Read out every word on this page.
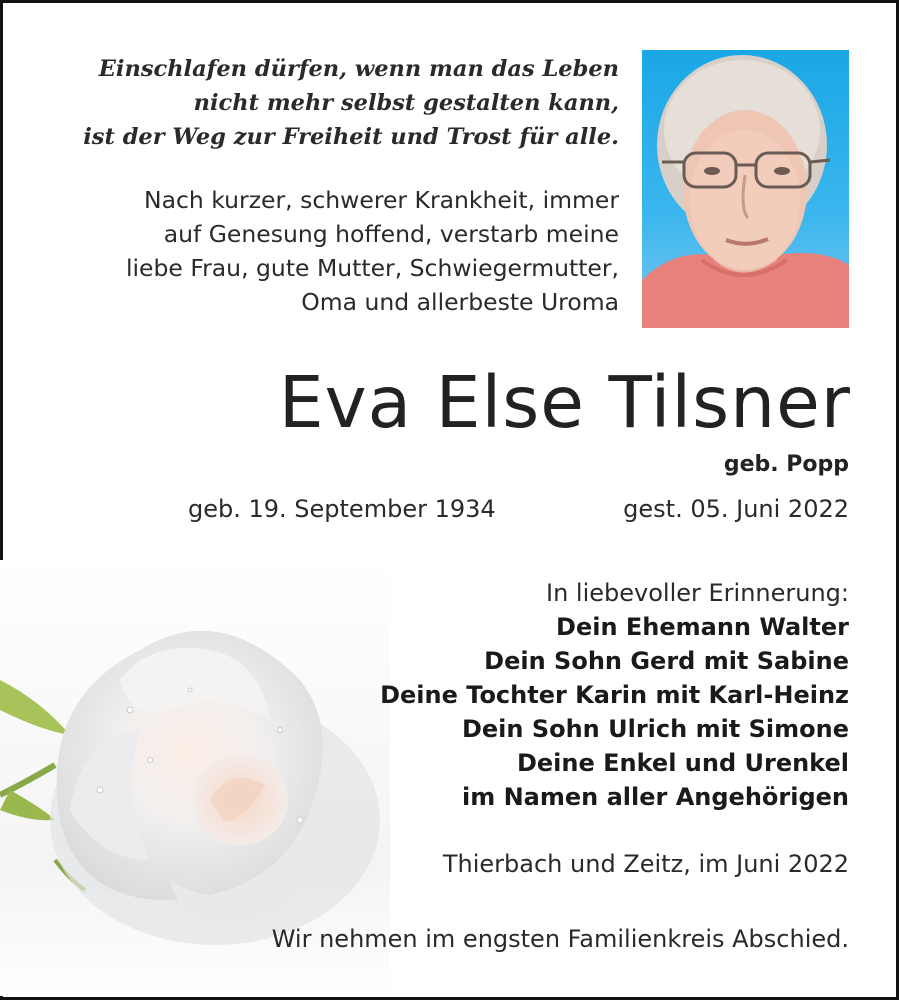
Einschlafen dürfen, wenn man das Leben
nicht mehr selbst gestalten kann,
ist der Weg zur Freiheit und Trost für alle.
Nach kurzer, schwerer Krankheit, immer
auf Genesung hoffend, verstarb meine
liebe Frau, gute Mutter, Schwiegermutter,
Oma und allerbeste Uroma
Eva Else Tilsner
geb. Popp
geb. 19. September 1934	gest. 05. Juni 2022
In liebevoller Erinnerung:
Dein Ehemann Walter
Dein Sohn Gerd mit Sabine
Deine Tochter Karin mit Karl-Heinz
Dein Sohn Ulrich mit Simone
Deine Enkel und Urenkel
im Namen aller Angehörigen
Thierbach und Zeitz, im Juni 2022
Wir nehmen im engsten Familienkreis Abschied.
